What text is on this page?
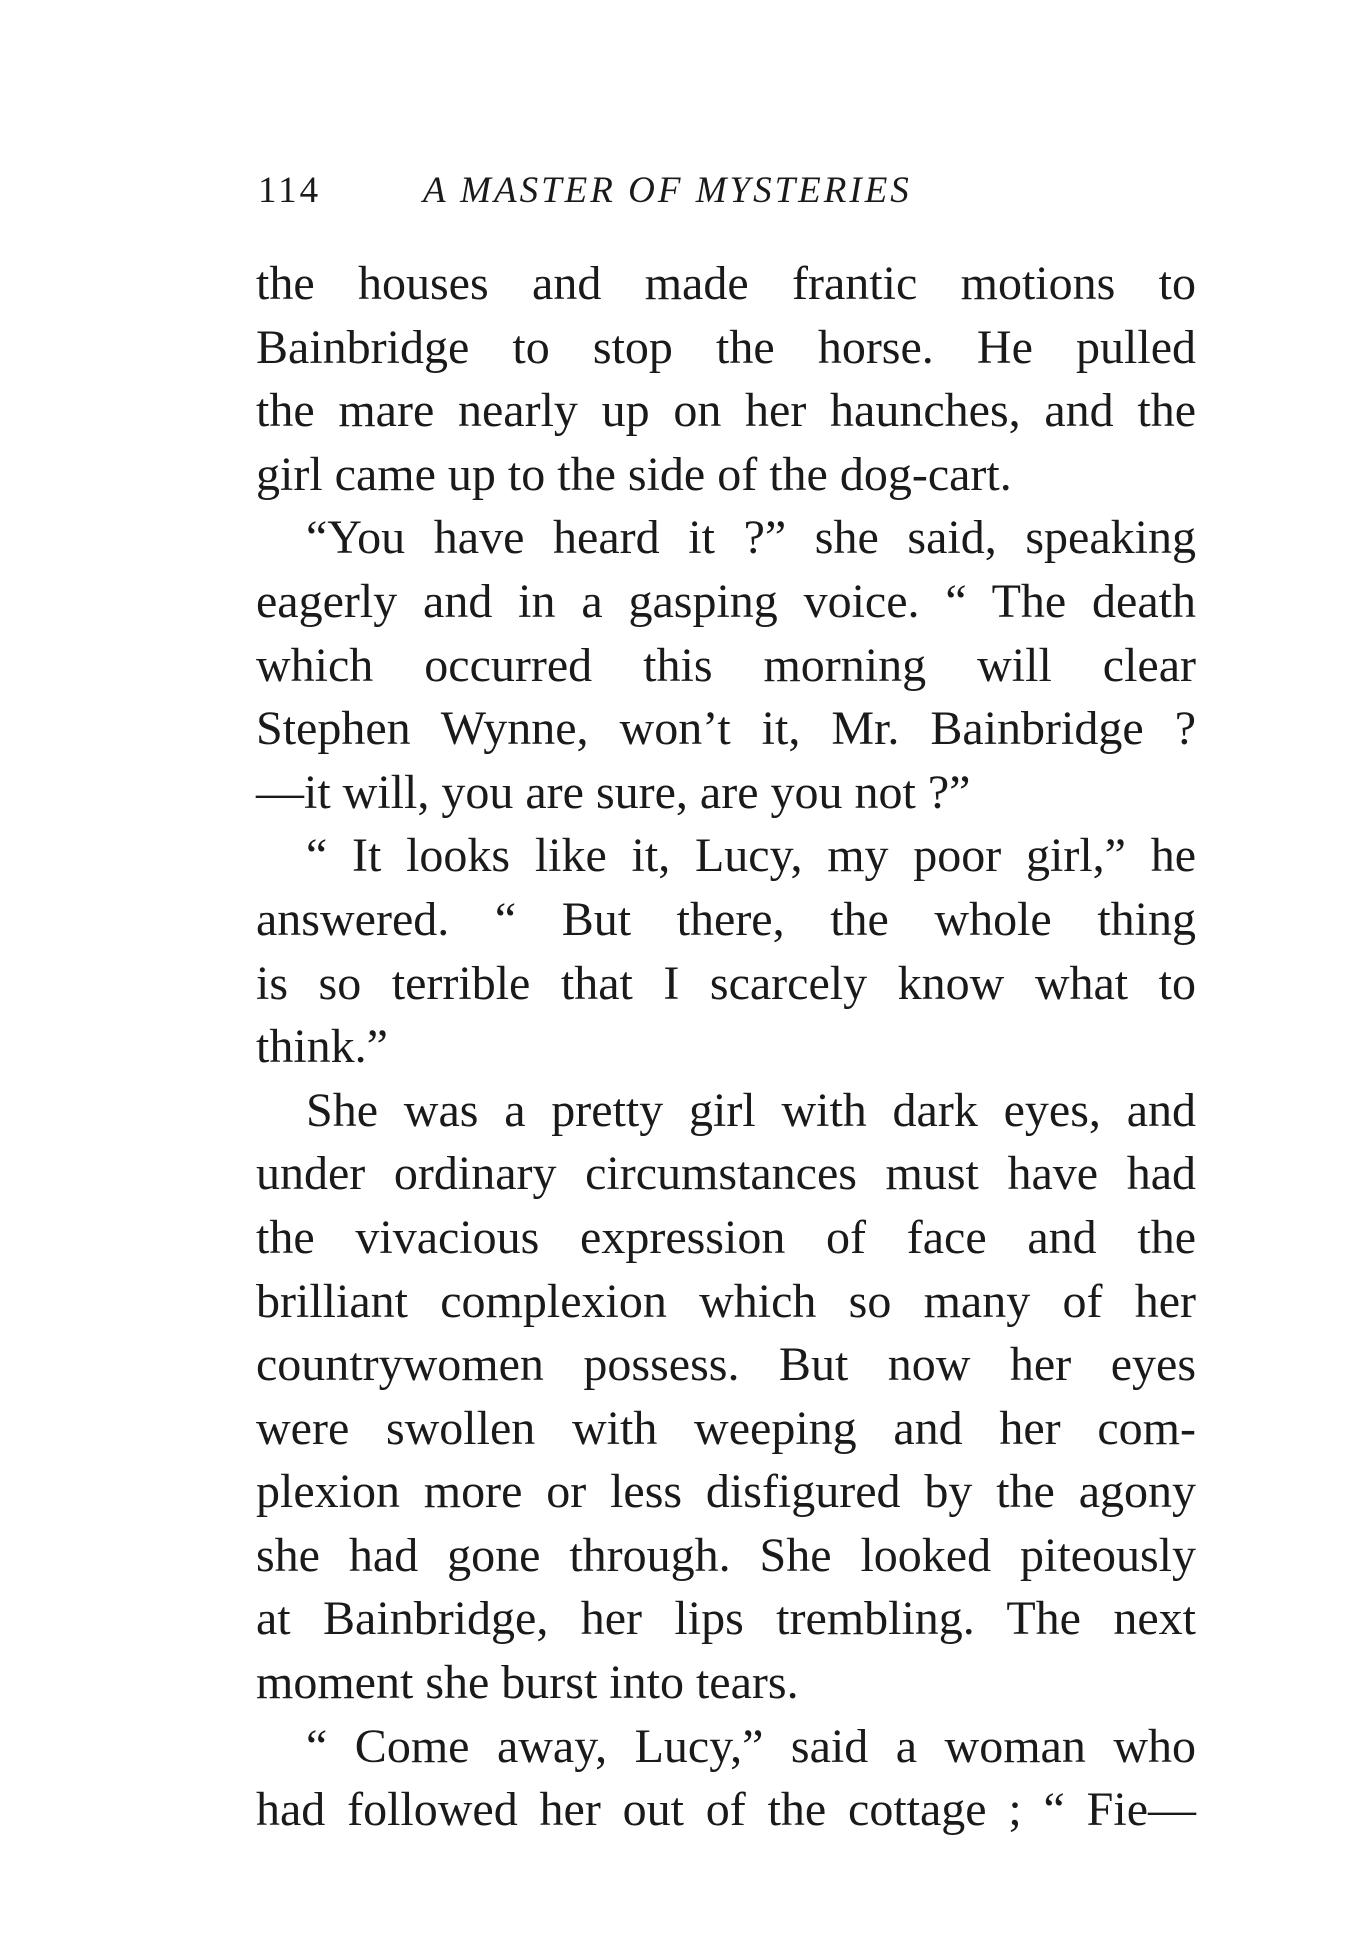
114	A MASTER OF MYSTERIES
the houses and made frantic motions to
Bainbridge to stop the horse. He pulled
the mare nearly up on her haunches, and the
girl came up to the side of the dog-cart.
“You have heard it ?” she said, speaking
eagerly and in a gasping voice. “ The death
which occurred this morning will clear
Stephen Wynne, won’t it, Mr. Bainbridge ?
—it will, you are sure, are you not ?”
“ It looks like it, Lucy, my poor girl,” he
answered. “ But there, the whole thing
is so terrible that I scarcely know what to
think.”
She was a pretty girl with dark eyes, and
under ordinary circumstances must have had
the vivacious expression of face and the
brilliant complexion which so many of her
countrywomen possess. But now her eyes
were swollen with weeping and her com-
plexion more or less disfigured by the agony
she had gone through. She looked piteously
at Bainbridge, her lips trembling. The next
moment she burst into tears.
“ Come away, Lucy,” said a woman who
had followed her out of the cottage ; “ Fie—
